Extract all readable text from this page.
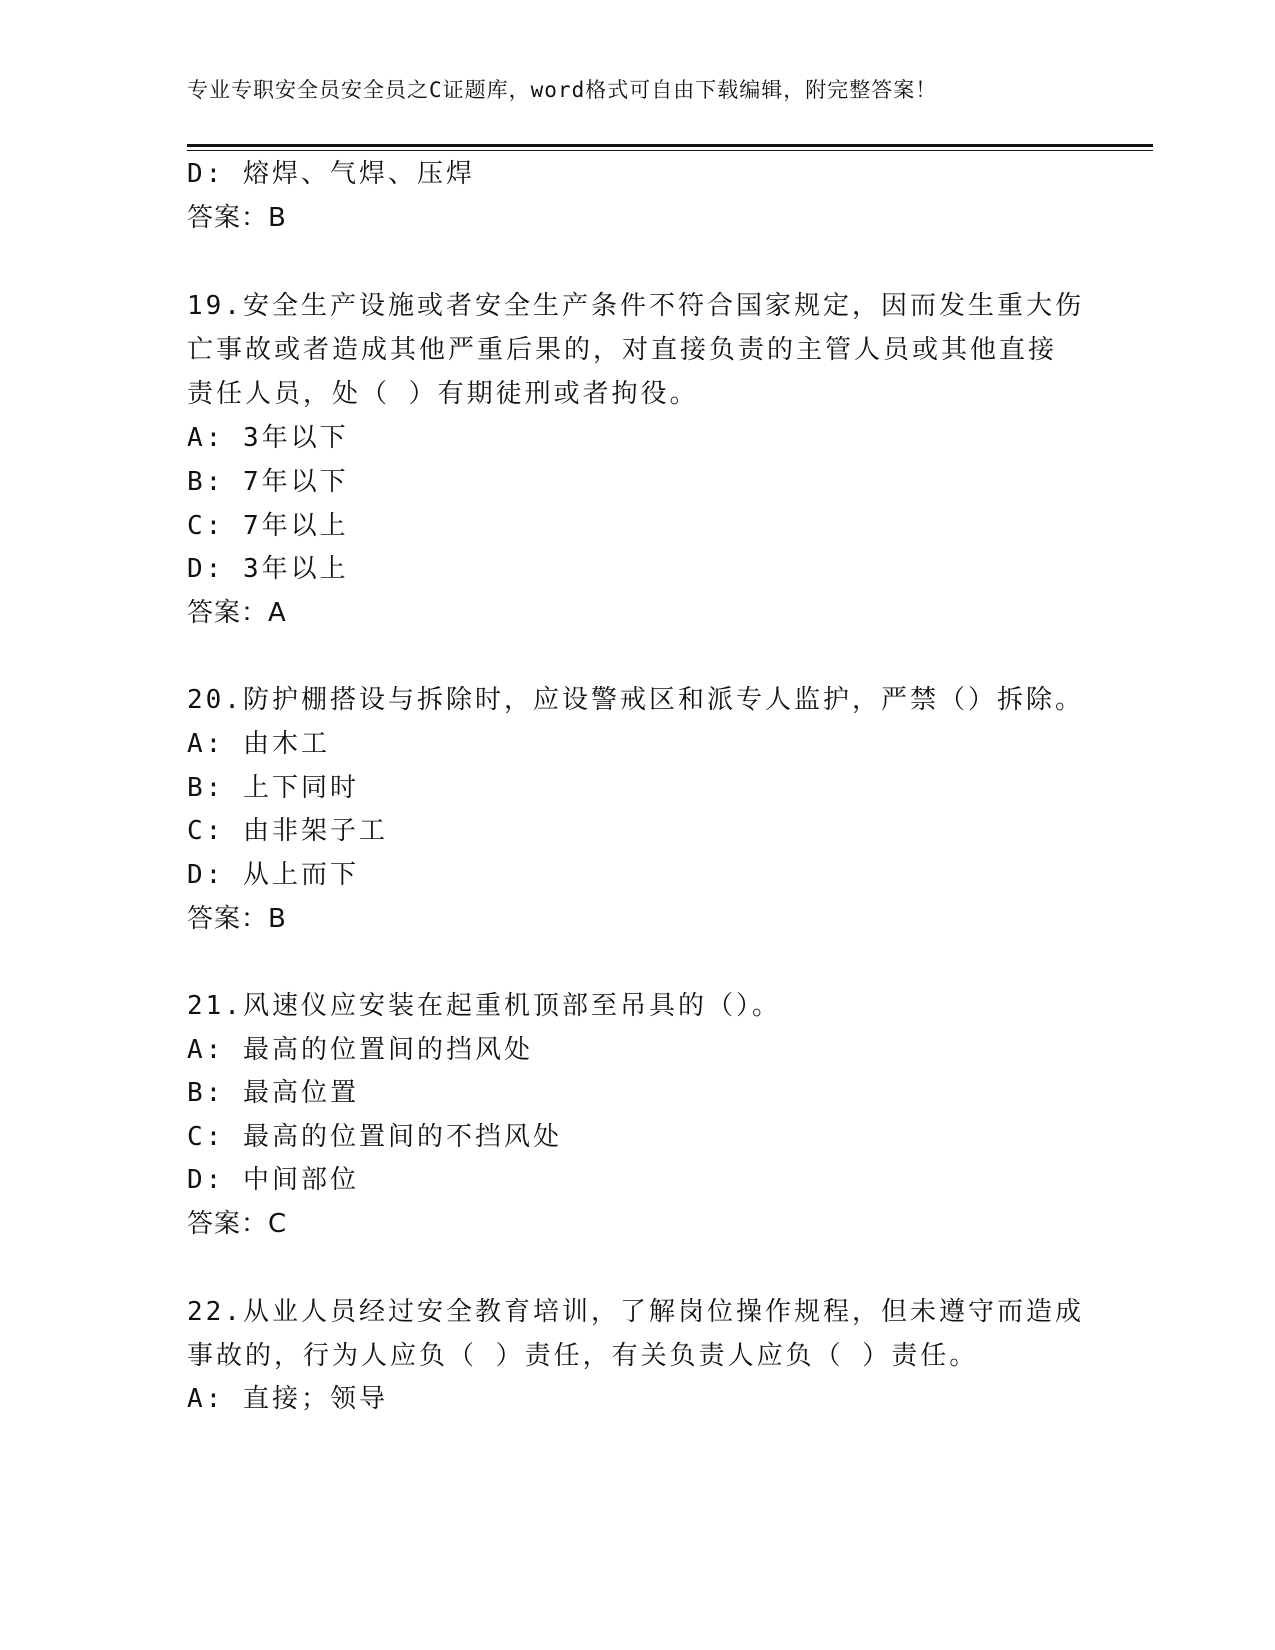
专业专职安全员安全员之C证题库，word格式可自由下载编辑，附完整答案！
D: 熔焊、气焊、压焊
答案：B
19.安全生产设施或者安全生产条件不符合国家规定，因而发生重大伤
亡事故或者造成其他严重后果的，对直接负责的主管人员或其他直接
责任人员，处（ ）有期徒刑或者拘役。
A: 3年以下
B: 7年以下
C: 7年以上
D: 3年以上
答案：A
20.防护棚搭设与拆除时，应设警戒区和派专人监护，严禁（）拆除。
A: 由木工
B: 上下同时
C: 由非架子工
D: 从上而下
答案：B
21.风速仪应安装在起重机顶部至吊具的（）。
A: 最高的位置间的挡风处
B: 最高位置
C: 最高的位置间的不挡风处
D: 中间部位
答案：C
22.从业人员经过安全教育培训，了解岗位操作规程，但未遵守而造成
事故的，行为人应负（ ）责任，有关负责人应负（ ）责任。
A: 直接；领导
